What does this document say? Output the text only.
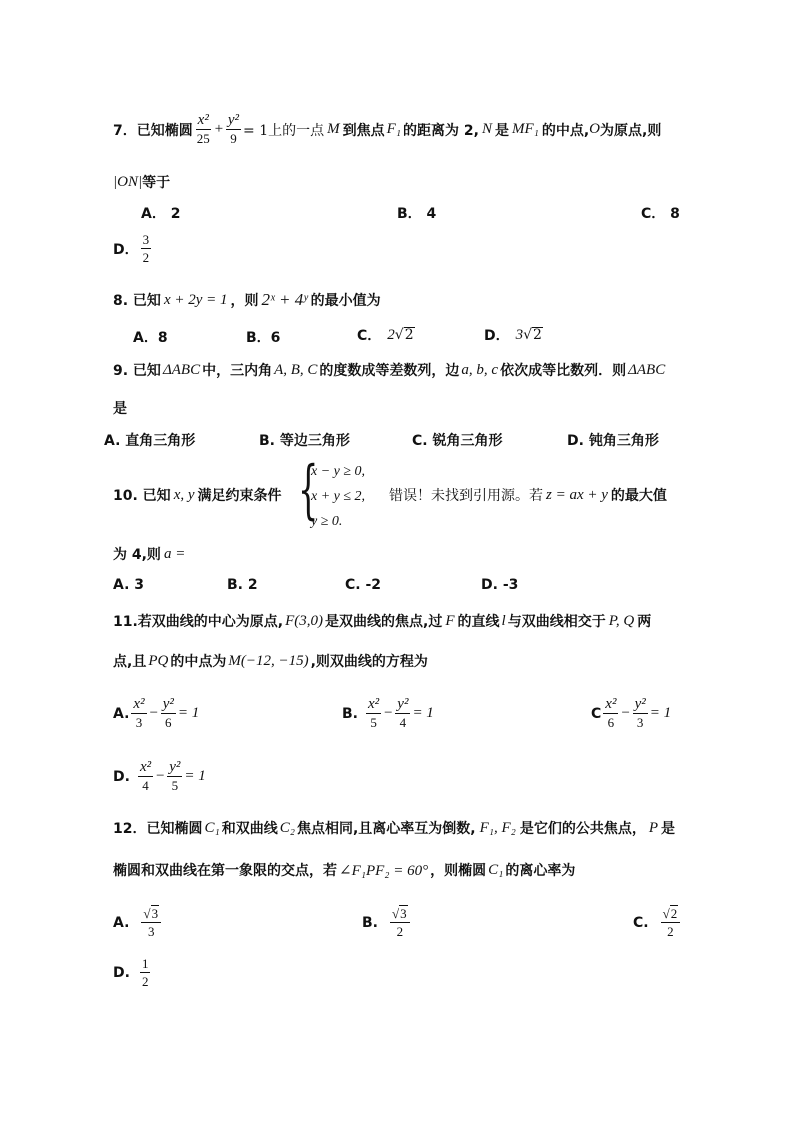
7．已知椭圆 $\frac{\text{x²}}{25} + \frac{\text{y²}}{9} = 1$上的一点 M 到焦点 F₁ 的距离为 2, N 是 MF₁ 的中点, O 为原点,则
|ON| 等于
A． 2	B． 4	C． 8
D． $\frac{3}{2}$
8. 已知 x + 2y = 1 ，则 2ˣ + 4ʸ 的最小值为
A．8	B．6	C． 2 √ 2	D． 3 √ 2
9. 已知 ΔABC 中，三内角 A, B, C 的度数成等差数列，边 a, b, c 依次成等比数列．则 ΔABC
是
A. 直角三角形	B. 等边三角形	C. 锐角三角形	D. 钝角三角形
10. 已知 x, y 满足约束条件 {
x − y ≥ 0,
x + y ≤ 2,
y ≥ 0.
错误！未找到引用源。若 z = ax + y 的最大值
为 4,则 a =
A. 3	B. 2	C. -2	D. -3
11.若双曲线的中心为原点, F(3,0) 是双曲线的焦点,过 F 的直线 l 与双曲线相交于 P, Q 两
点,且 PQ 的中点为 M(−12, −15) ,则双曲线的方程为
A. $\frac{\text{x²}}{3} - \frac{\text{y²}}{6} = 1$	B. $\frac{\text{x²}}{5} - \frac{\text{y²}}{4} = 1$	C $\frac{\text{x²}}{6} - \frac{\text{y²}}{3} = 1$
D. $\frac{\text{x²}}{4} - \frac{\text{y²}}{5} = 1$
12．已知椭圆 C₁ 和双曲线 C₂ 焦点相同,且离心率互为倒数, F₁, F₂ 是它们的公共焦点， P 是
椭圆和双曲线在第一象限的交点，若 ∠F₁PF₂ = 60° ，则椭圆 C₁ 的离心率为
A. $\frac{√ 3}{3}$	B. $\frac{√ 3}{2}$	C. $\frac{√ 2}{2}$
D. $\frac{1}{2}$
